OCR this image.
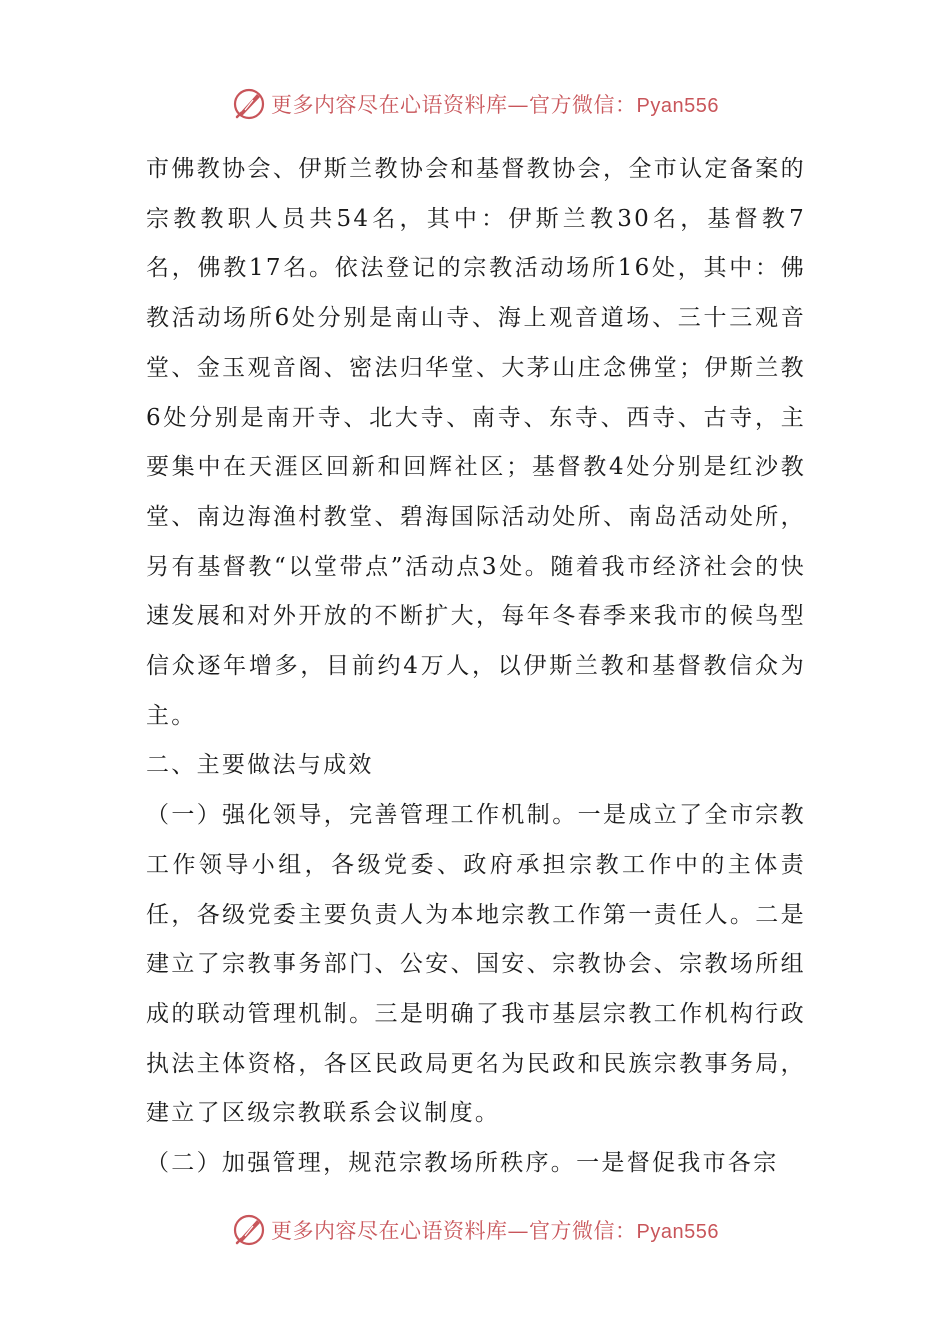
更多内容尽在心语资料库—官方微信：Pyan556

市佛教协会、伊斯兰教协会和基督教协会，全市认定备案的宗教教职人员共54名，其中：伊斯兰教30名，基督教7名，佛教17名。依法登记的宗教活动场所16处，其中：佛教活动场所6处分别是南山寺、海上观音道场、三十三观音堂、金玉观音阁、密法归华堂、大茅山庄念佛堂；伊斯兰教6处分别是南开寺、北大寺、南寺、东寺、西寺、古寺，主要集中在天涯区回新和回辉社区；基督教4处分别是红沙教堂、南边海渔村教堂、碧海国际活动处所、南岛活动处所，另有基督教“以堂带点”活动点3处。随着我市经济社会的快速发展和对外开放的不断扩大，每年冬春季来我市的候鸟型信众逐年增多，目前约4万人，以伊斯兰教和基督教信众为主。

二、主要做法与成效

（一）强化领导，完善管理工作机制。一是成立了全市宗教工作领导小组，各级党委、政府承担宗教工作中的主体责任，各级党委主要负责人为本地宗教工作第一责任人。二是建立了宗教事务部门、公安、国安、宗教协会、宗教场所组成的联动管理机制。三是明确了我市基层宗教工作机构行政执法主体资格，各区民政局更名为民政和民族宗教事务局，建立了区级宗教联系会议制度。

（二）加强管理，规范宗教场所秩序。一是督促我市各宗

更多内容尽在心语资料库—官方微信：Pyan556
